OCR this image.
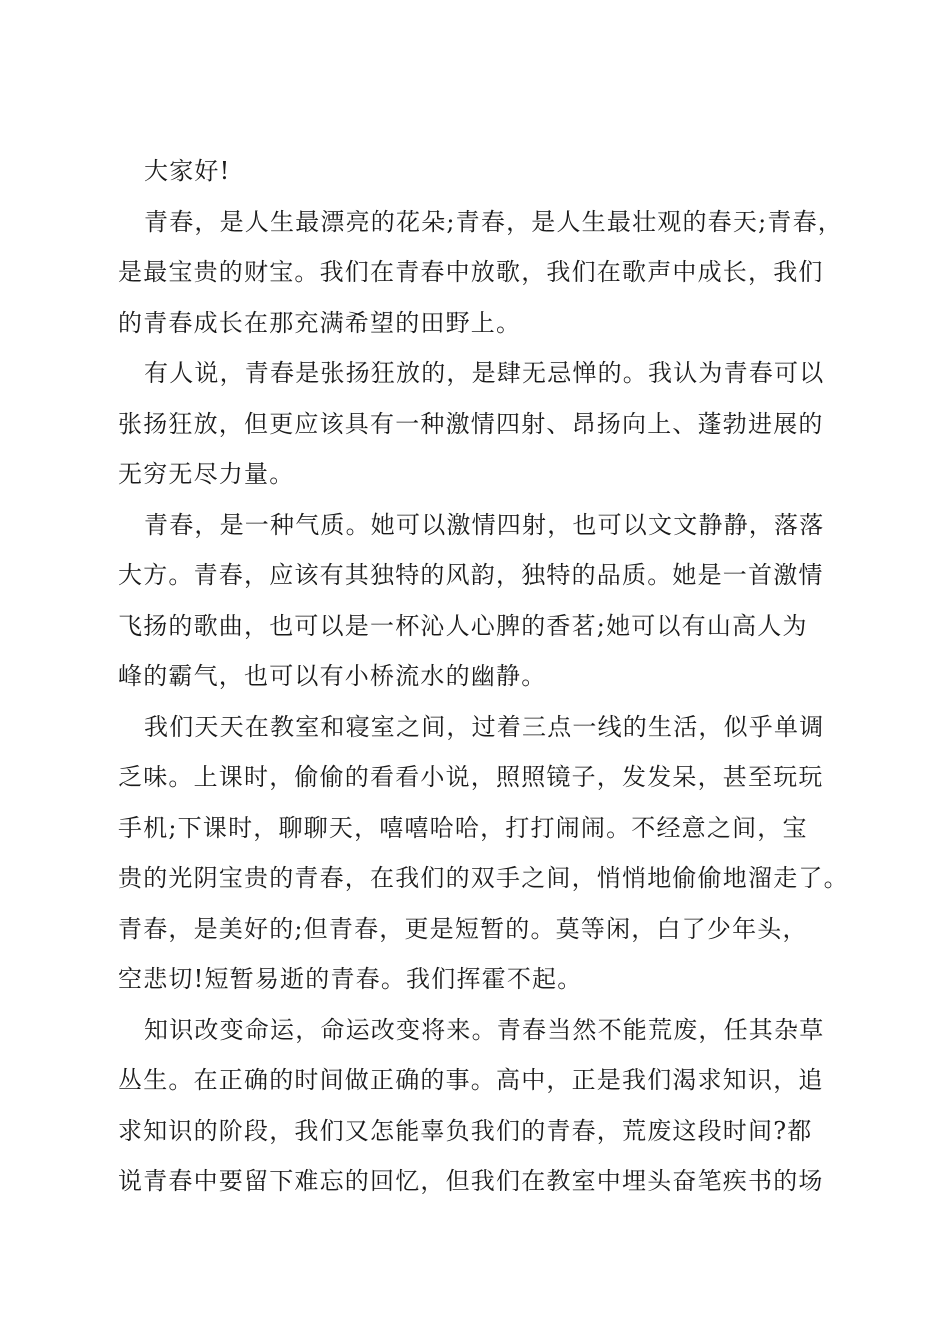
大家好!
青春，是人生最漂亮的花朵;青春，是人生最壮观的春天;青春，
是最宝贵的财宝。我们在青春中放歌，我们在歌声中成长，我们
的青春成长在那充满希望的田野上。
有人说，青春是张扬狂放的，是肆无忌惮的。我认为青春可以
张扬狂放，但更应该具有一种激情四射、昂扬向上、蓬勃进展的
无穷无尽力量。
青春，是一种气质。她可以激情四射，也可以文文静静，落落
大方。青春，应该有其独特的风韵，独特的品质。她是一首激情
飞扬的歌曲，也可以是一杯沁人心脾的香茗;她可以有山高人为
峰的霸气，也可以有小桥流水的幽静。
我们天天在教室和寝室之间，过着三点一线的生活，似乎单调
乏味。上课时，偷偷的看看小说，照照镜子，发发呆，甚至玩玩
手机;下课时，聊聊天，嘻嘻哈哈，打打闹闹。不经意之间，宝
贵的光阴宝贵的青春，在我们的双手之间，悄悄地偷偷地溜走了。
青春，是美好的;但青春，更是短暂的。莫等闲，白了少年头，
空悲切!短暂易逝的青春。我们挥霍不起。
知识改变命运，命运改变将来。青春当然不能荒废，任其杂草
丛生。在正确的时间做正确的事。高中，正是我们渴求知识，追
求知识的阶段，我们又怎能辜负我们的青春，荒废这段时间?都
说青春中要留下难忘的回忆，但我们在教室中埋头奋笔疾书的场
